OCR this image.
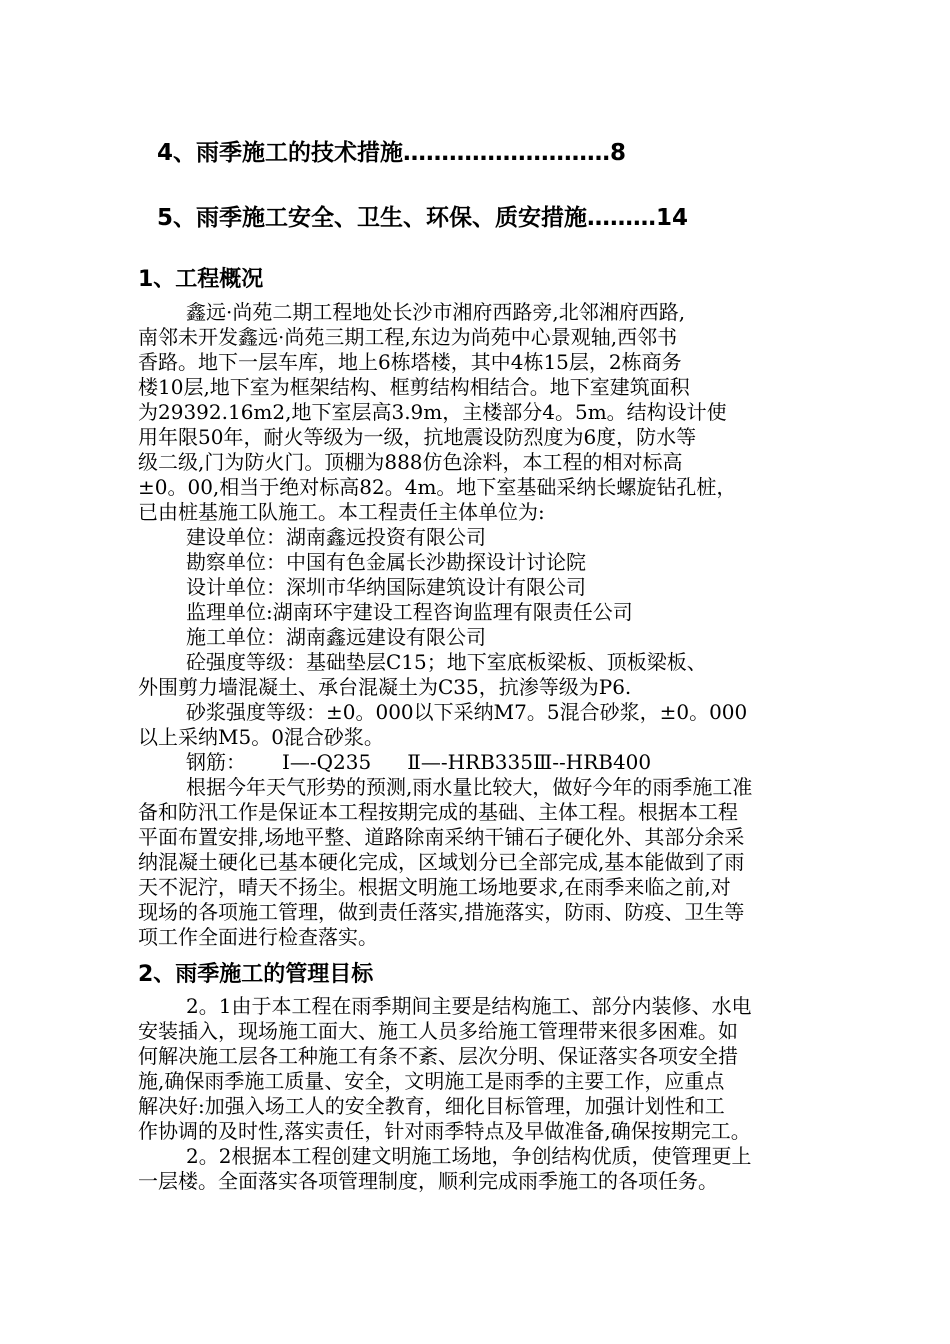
4、雨季施工的技术措施………………………8
5、雨季施工安全、卫生、环保、质安措施………14
1、工程概况
鑫远·尚苑二期工程地处长沙市湘府西路旁,北邻湘府西路,
南邻未开发鑫远·尚苑三期工程,东边为尚苑中心景观轴,西邻书
香路。地下一层车库，地上6栋塔楼，其中4栋15层，2栋商务
楼10层,地下室为框架结构、框剪结构相结合。地下室建筑面积
为29392.16m2,地下室层高3.9m，主楼部分4。5m。结构设计使
用年限50年，耐火等级为一级，抗地震设防烈度为6度，防水等
级二级,门为防火门。顶棚为888仿色涂料，本工程的相对标高
±0。00,相当于绝对标高82。4m。地下室基础采纳长螺旋钻孔桩，
已由桩基施工队施工。本工程责任主体单位为:
建设单位：湖南鑫远投资有限公司
勘察单位：中国有色金属长沙勘探设计讨论院
设计单位：深圳市华纳国际建筑设计有限公司
监理单位:湖南环宇建设工程咨询监理有限责任公司
施工单位：湖南鑫远建设有限公司
砼强度等级：基础垫层C15；地下室底板梁板、顶板梁板、
外围剪力墙混凝土、承台混凝土为C35，抗渗等级为P6.
砂浆强度等级：±0。000以下采纳M7。5混合砂浆，±0。000
以上采纳M5。0混合砂浆。
钢筋： Ⅰ—-Q235 Ⅱ—-HRB335Ⅲ--HRB400
根据今年天气形势的预测,雨水量比较大，做好今年的雨季施工准
备和防汛工作是保证本工程按期完成的基础、主体工程。根据本工程
平面布置安排,场地平整、道路除南采纳干铺石子硬化外、其部分余采
纳混凝土硬化已基本硬化完成，区域划分已全部完成,基本能做到了雨
天不泥泞，晴天不扬尘。根据文明施工场地要求,在雨季来临之前,对
现场的各项施工管理，做到责任落实,措施落实，防雨、防疫、卫生等
项工作全面进行检查落实。
2、雨季施工的管理目标
2。1由于本工程在雨季期间主要是结构施工、部分内装修、水电
安装插入，现场施工面大、施工人员多给施工管理带来很多困难。如
何解决施工层各工种施工有条不紊、层次分明、保证落实各项安全措
施,确保雨季施工质量、安全，文明施工是雨季的主要工作，应重点
解决好:加强入场工人的安全教育，细化目标管理，加强计划性和工
作协调的及时性,落实责任，针对雨季特点及早做准备,确保按期完工。
2。2根据本工程创建文明施工场地，争创结构优质，使管理更上
一层楼。全面落实各项管理制度，顺利完成雨季施工的各项任务。
